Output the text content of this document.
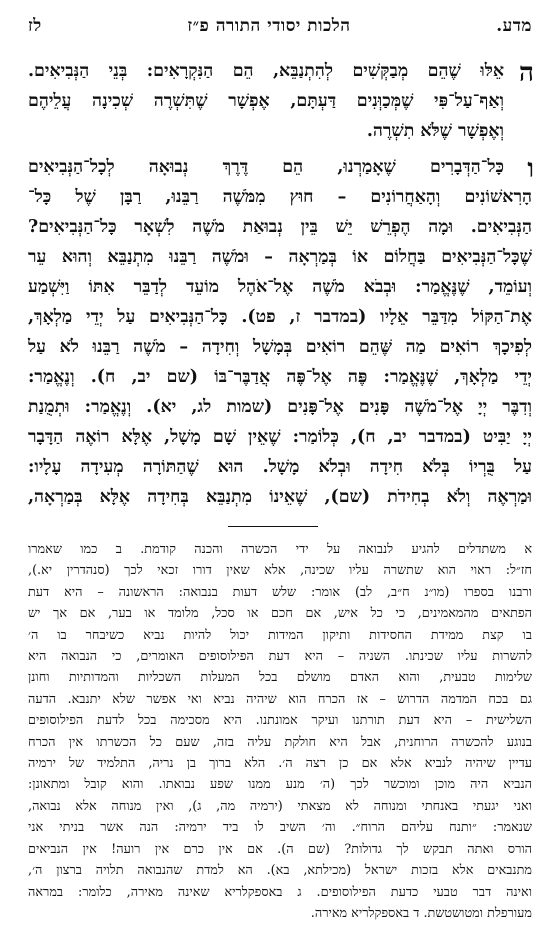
מדע.
הלכות יסודי התורה פ״ז
לז
ה
אֵלּוּ שֶׁהֵם מְבַקְּשִׁים לְהִתְנַבֵּא, הֵם הַנִּקְרָאִים: בְּנֵי הַנְּבִיאִים.
וְאַף־עַל־פִּי שֶׁמְּכַוְּנִים דַּעְתָּם, אֶפְשָׁר שֶׁתִּשְׁרֶה שְׁכִינָה עֲלֵיהֶם
וְאֶפְשָׁר שֶׁלֹּא תִשְׁרֶה.
ו
כָּל־הַדְּבָרִים שֶׁאָמַרְנוּ, הֵם דֶּרֶךְ נְבוּאָה לְכָל־הַנְּבִיאִים
הָרִאשׁוֹנִים וְהָאַחֲרוֹנִים – חוּץ מִמֹּשֶׁה רַבֵּנוּ, רַבָּן שֶׁל כָּל־
הַנְּבִיאִים. וּמָה הֶפְרֵשׁ יֵשׁ בֵּין נְבוּאַת מֹשֶׁה לִשְׁאָר כָּל־הַנְּבִיאִים?
שֶׁכָּל־הַנְּבִיאִים בַּחֲלוֹם אוֹ בְּמַרְאָה – וּמֹשֶׁה רַבֵּנוּ מִתְנַבֵּא וְהוּא עֵר
וְעוֹמֵד, שֶׁנֶּאֱמַר: וּבְבֹא מֹשֶׁה אֶל־אֹהֶל מוֹעֵד לְדַבֵּר אִתּוֹ וַיִּשְׁמַע
אֶת־הַקּוֹל מִדַּבֵּר אֵלָיו (במדבר ז, פט). כָּל־הַנְּבִיאִים עַל יְדֵי מַלְאָךְ,
לְפִיכָךְ רוֹאִים מַה שֶּׁהֵם רוֹאִים בְּמָשָׁל וְחִידָה – מֹשֶׁה רַבֵּנוּ לֹא עַל
יְדֵי מַלְאָךְ, שֶׁנֶּאֱמַר: פֶּה אֶל־פֶּה אֲדַבֶּר־בּוֹ (שם יב, ח). וְנֶאֱמַר:
וְדִבֶּר יְיָ אֶל־מֹשֶׁה פָּנִים אֶל־פָּנִים (שמות לג, יא). וְנֶאֱמַר: וּתְמֻנַת
יְיָ יַבִּיט (במדבר יב, ח), כְּלוֹמַר: שֶׁאֵין שָׁם מָשָׁל, אֶלָּא רוֹאֶה הַדָּבָר
עַל בֻּרְיוֹ בְּלֹא חִידָה וּבְלֹא מָשָׁל. הוּא שֶׁהַתּוֹרָה מְעִידָה עָלָיו:
וּמַרְאֶה וְלֹא בְחִידֹת (שם), שֶׁאֵינוֹ מִתְנַבֵּא בְּחִידָה אֶלָּא בְּמַרְאָה,
א משתדלים להגיע לנבואה על ידי הכשרה והכנה קודמת. ב כמו שאמרו
חז״ל: ראוי הוא שתשרה עליו שכינה, אלא שאין דורו זכאי לכך (סנהדרין יא.),
ורבנו בספרו (מו״נ ח״ב, לב) אומר: שלש דעות בנבואה: הראשונה – היא דעת
הפתאים מהמאמינים, כי כל איש, אם חכם או סכל, מלומד או בער, אם אך יש
בו קצת ממידת החסידות ותיקון המידות יכול להיות נביא כשיבחר בו ה׳
להשרות עליו שכינתו. השניה – היא דעת הפילוסופים האומרים, כי הנבואה היא
שלימות טבעית, והוא האדם מושלם בכל המעלות השכליות והמדותיות וחונן
גם בכח המדמה הדרוש – אז הכרח הוא שיהיה נביא ואי אפשר שלא יתנבא. הדעה
השלישית – היא דעת תורתנו ועיקר אמונתנו. היא מסכימה בכל לדעת הפילוסופים
בנוגע להכשרה הרוחנית, אבל היא חולקת עליה בזה, שעם כל הכשרתו אין הכרח
עדיין שיהיה לנביא אלא אם כן רצה ה׳. הלא ברוך בן נריה, התלמיד של ירמיה
הנביא היה מוכן ומוכשר לכך (ה׳ מנע ממנו שפע נבואתו. והוא קובל ומתאונן:
ואני יגעתי באנחתי ומנוחה לא מצאתי (ירמיה מה, ג), ואין מנוחה אלא נבואה,
שנאמר: ״ותנח עליהם הרוח״. וה׳ השיב לו ביד ירמיה: הנה אשר בניתי אני
הורס ואתה תבקש לך גדולות? (שם ה). אם אין כרם אין רועה! אין הנביאים
מתנבאים אלא בזכות ישראל (מכילתא, בא). הא למדת שהנבואה תלויה ברצון ה׳,
ואינה דבר טבעי כדעת הפילוסופים. ג באספקלריא שאינה מאירה, כלומר: במראה
מעורפלת ומטושטשת. ד באספקלריא מאירה.
